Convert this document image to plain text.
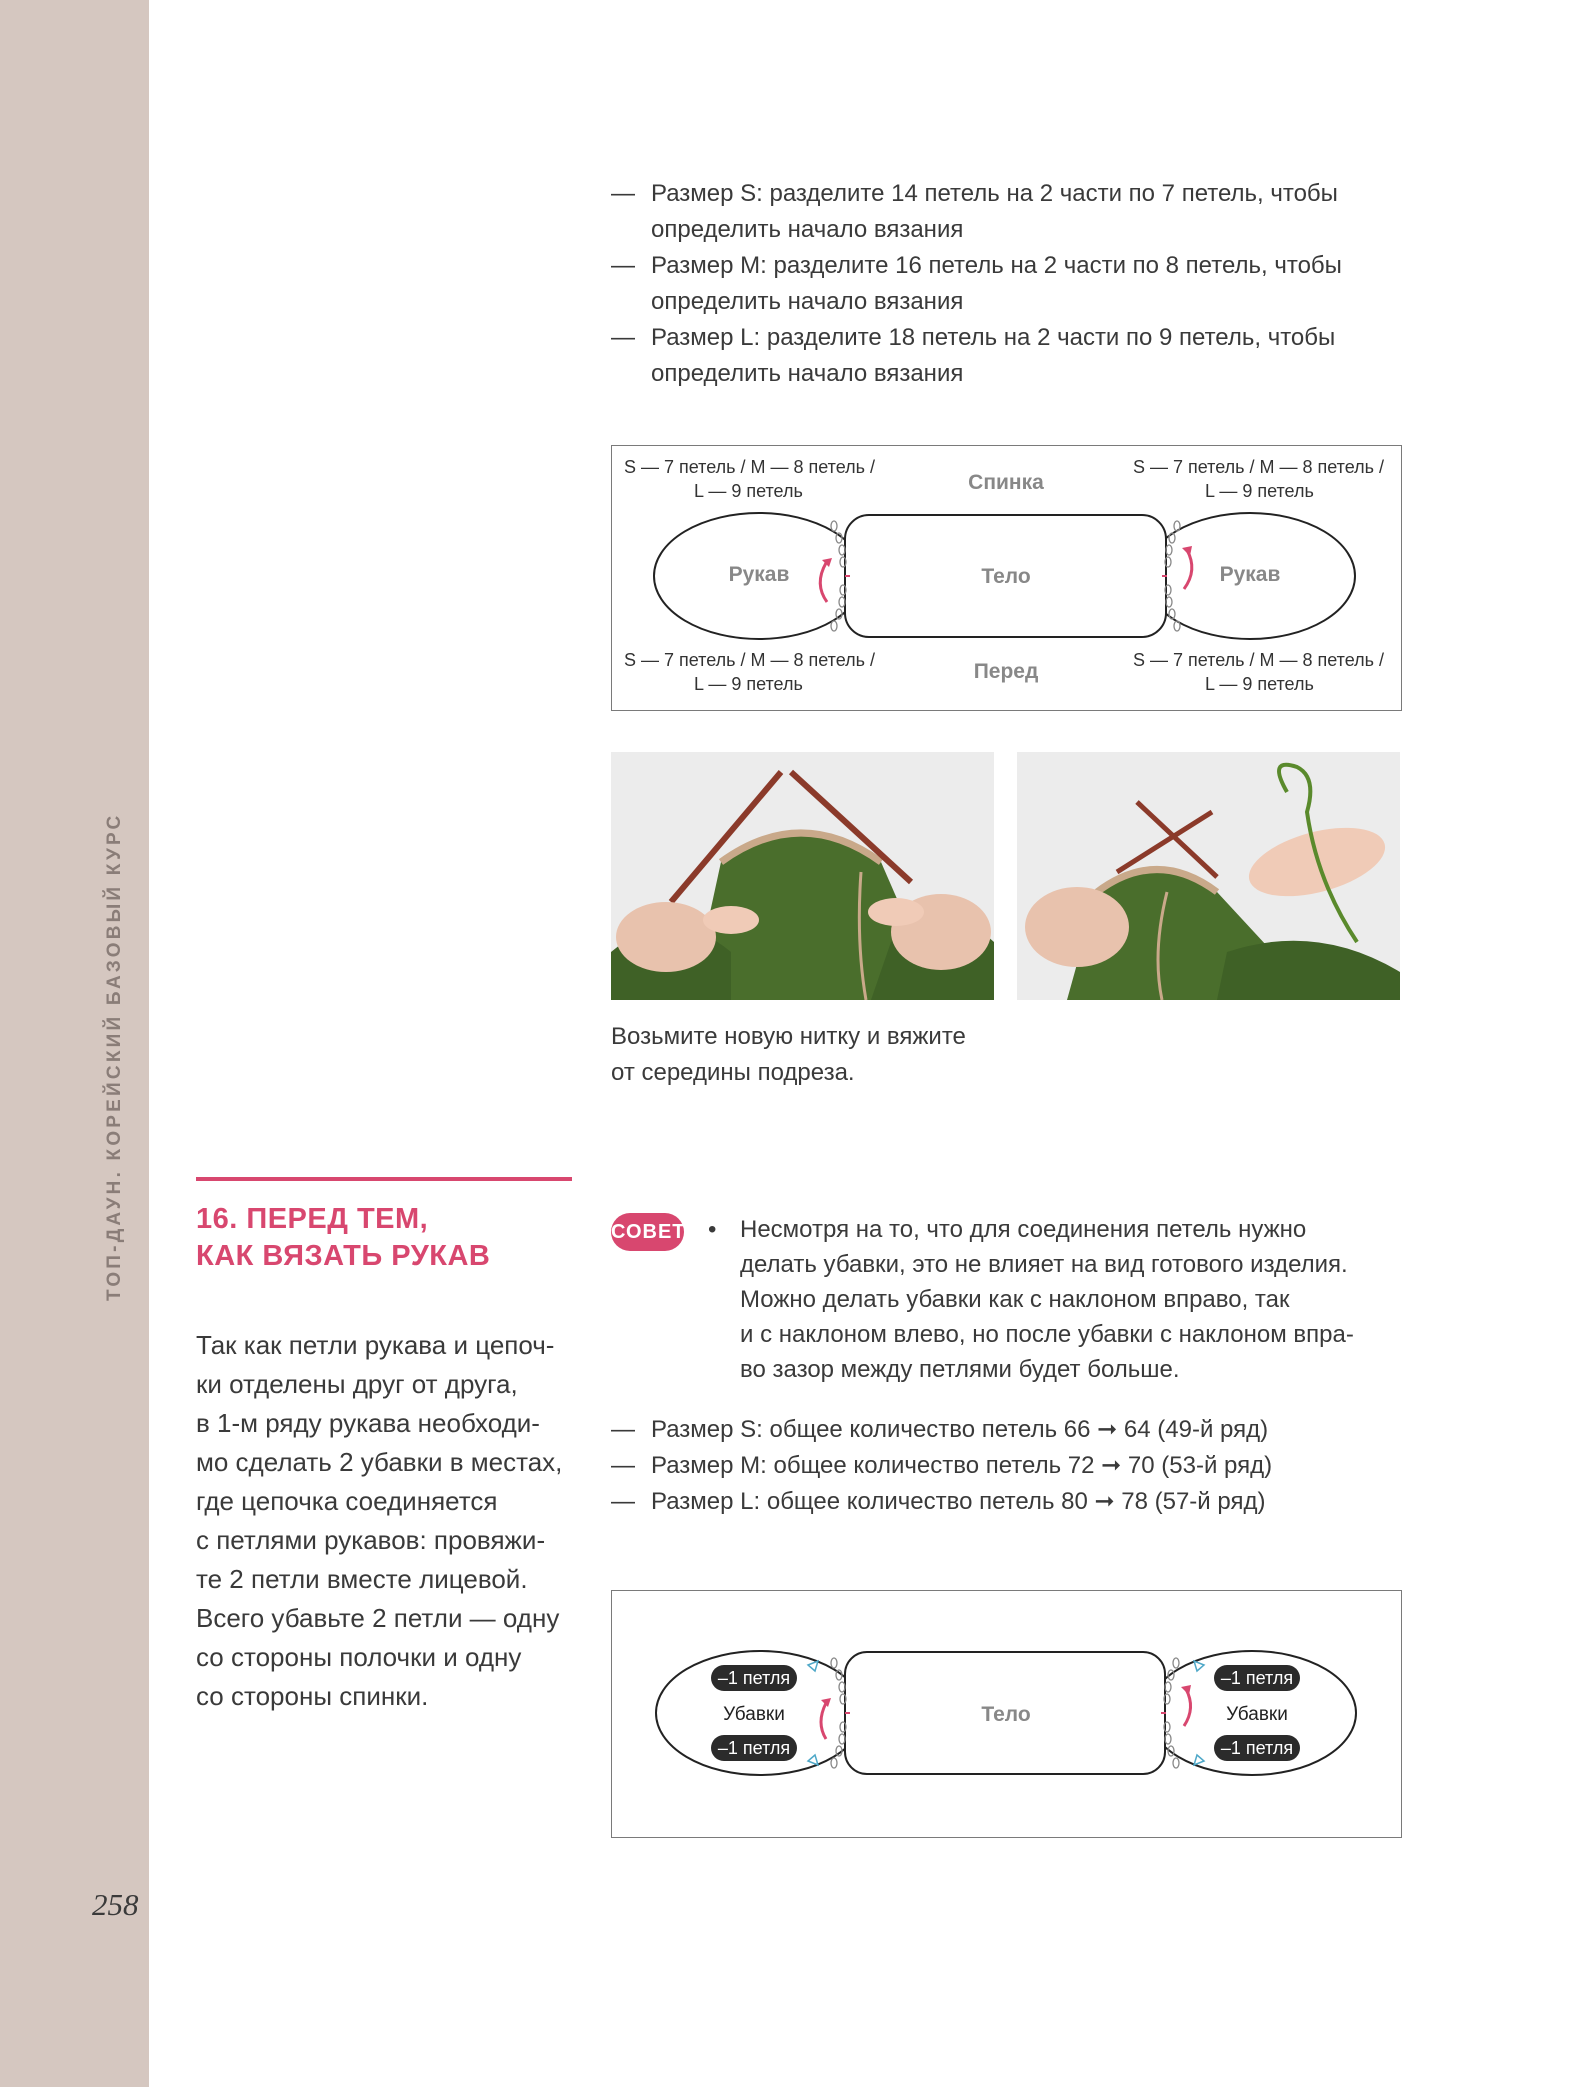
ТОП-ДАУН. КОРЕЙСКИЙ БАЗОВЫЙ КУРС
258
— Размер S: разделите 14 петель на 2 части по 7 петель, чтобы
определить начало вязания
— Размер M: разделите 16 петель на 2 части по 8 петель, чтобы
определить начало вязания
— Размер L: разделите 18 петель на 2 части по 9 петель, чтобы
определить начало вязания
S — 7 петель / M — 8 петель /
L — 9 петель
S — 7 петель / M — 8 петель /
L — 9 петель
S — 7 петель / M — 8 петель /
L — 9 петель
S — 7 петель / M — 8 петель /
L — 9 петель
Спинка
Перед
Тело
Рукав	Рукав
Возьмите новую нитку и вяжите
от середины подреза.
16. ПЕРЕД ТЕМ,
КАК ВЯЗАТЬ РУКАВ
Так как петли рукава и цепоч-
ки отделены друг от друга,
в 1-м ряду рукава необходи-
мо сделать 2 убавки в местах,
где цепочка соединяется
с петлями рукавов: провяжи-
те 2 петли вместе лицевой.
Всего убавьте 2 петли — одну
со стороны полочки и одну
со стороны спинки.
СОВЕТ • Несмотря на то, что для соединения петель нужно
делать убавки, это не влияет на вид готового изделия.
Можно делать убавки как с наклоном вправо, так
и с наклоном влево, но после убавки с наклоном впра-
во зазор между петлями будет больше.
— Размер S: общее количество петель 66 ➞ 64 (49-й ряд)
— Размер M: общее количество петель 72 ➞ 70 (53-й ряд)
— Размер L: общее количество петель 80 ➞ 78 (57-й ряд)
Тело
–1 петля
Убавки
–1 петля
–1 петля
Убавки
–1 петля
